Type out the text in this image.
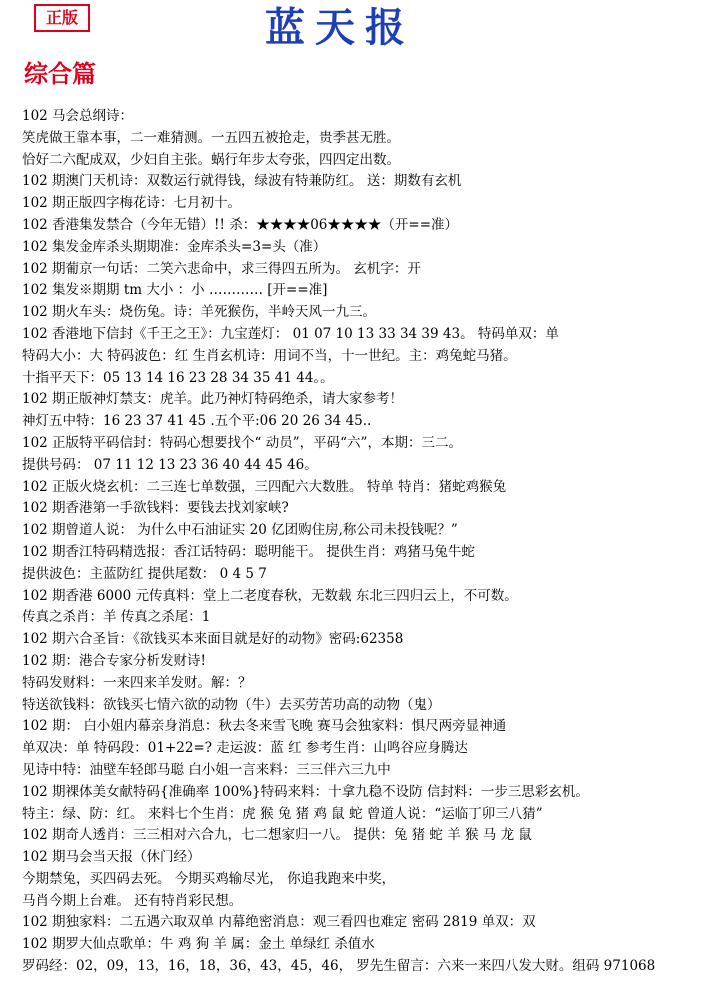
正版	蓝天报
综合篇
102 马会总纲诗：
笑虎做王靠本事，二一难猜测。一五四五被抢走，贵季甚无胜。
恰好二六配成双，少妇自主张。蜗行年步太夸张，四四定出数。
102 期澳门天机诗：双数运行就得钱，绿波有特兼防红。 送：期数有玄机
102 期正版四字梅花诗：七月初十。
102 香港集发禁合（今年无错）!! 杀：★★★★06★★★★（开==准）
102 集发金库杀头期期准：金库杀头=3=头（准）
102 期葡京一句话：二笑六悲命中，求三得四五所为。 玄机字：开
102 集发※期期 tm 大小 ：小 ………… [开==准]
102 期火车头：烧伤兔。诗：羊死猴伤，半岭天风一九三。
102 香港地下信封《千王之王》：九宝莲灯： 01 07 10 13 33 34 39 43。 特码单双：单
特码大小：大 特码波色：红 生肖玄机诗：用词不当，十一世纪。主：鸡兔蛇马猪。
十指平天下：05 13 14 16 23 28 34 35 41 44。。
102 期正版神灯禁支：虎羊。此乃神灯特码绝杀，请大家参考！
神灯五中特：16 23 37 41 45 .五个平:06 20 26 34 45..
102 正版特平码信封：特码心想要找个“ 动员”，平码“六”，本期：三二。
提供号码： 07 11 12 13 23 36 40 44 45 46。
102 正版火烧玄机：二三连七单数强，三四配六大数胜。 特单 特肖：猪蛇鸡猴兔
102 期香港第一手欲钱料：要钱去找刘家峡?
102 期曾道人说： 为什么中石油证实 20 亿团购住房,称公司未投钱呢？”
102 期香江特码精选报：香江话特码：聪明能干。 提供生肖：鸡猪马兔牛蛇
提供波色：主蓝防红 提供尾数： 0 4 5 7
102 期香港 6000 元传真料：堂上二老度春秋，无数载 东北三四归云上，不可数。
传真之杀肖：羊 传真之杀尾：1
102 期六合圣旨：《欲钱买本来面目就是好的动物》密码:62358
102 期：港合专家分析发财诗!
特码发财料：一来四来羊发财。解：？
特送欲钱料：欲钱买七情六欲的动物（牛）去买劳苦功高的动物（鬼）
102 期： 白小姐内幕亲身消息：秋去冬来雪飞晚 赛马会独家料：惧尺两旁显神通
单双决：单 特码段：01+22=? 走运波：蓝 红 参考生肖：山鸣谷应身腾达
见诗中特：油壁车轻郎马聪 白小姐一言来料：三三伴六三九中
102 期裸体美女献特码{准确率 100%}特码来料：十拿九稳不设防 信封料：一步三思彩玄机。
特主：绿、防：红。 来料七个生肖：虎 猴 兔 猪 鸡 鼠 蛇 曾道人说：“运临丁卯三八猜”
102 期奇人透肖：三三相对六合九，七二想家归一八。 提供：兔 猪 蛇 羊 猴 马 龙 鼠
102 期马会当天报（休门经）
今期禁兔，买四码去死。 今期买鸡输尽光， 你追我跑来中奖，
马肖今期上台难。 还有特肖彩民想。
102 期独家料：二五遇六取双单 内幕绝密消息：观三看四也难定 密码 2819 单双：双
102 期罗大仙点歌单：牛 鸡 狗 羊 属：金土 单绿红 杀值水
罗码经：02，09，13，16，18，36，43，45，46， 罗先生留言：六来一来四八发大财。组码 971068
